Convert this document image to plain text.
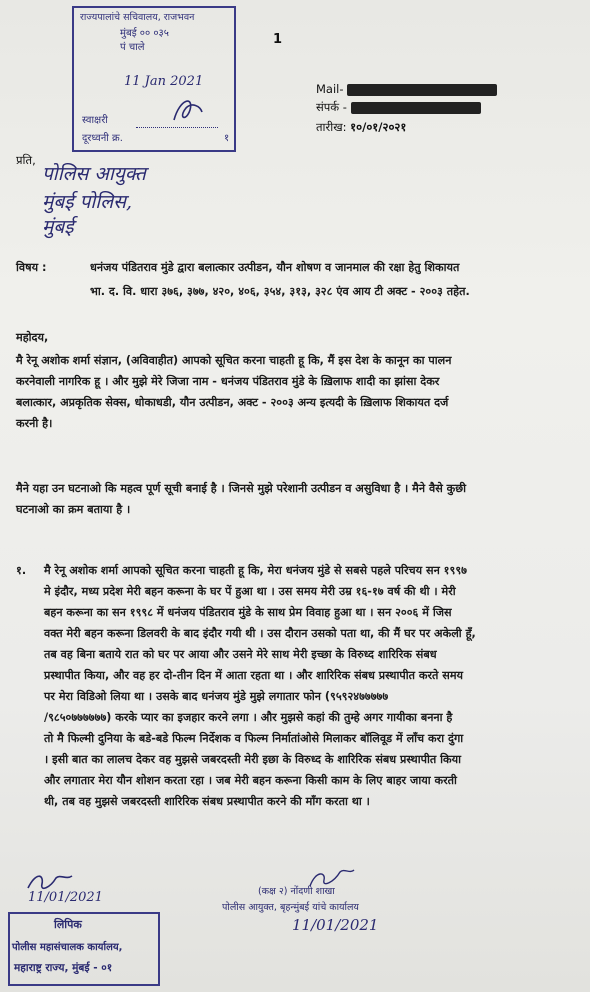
राज्यपालांचे सचिवालय, राजभवन
मुंबई ०० ०३५
पं चाले
11 Jan 2021
स्वाक्षरी
दूरध्वनी क्र.	१
1
Mail-
संपर्क -
तारीख: १०/०१/२०२१
प्रति,
पोलिस आयुक्त
मुंबई पोलिस,
मुंबई
विषय :	धनंजय पंडितराव मुंडे द्वारा बलात्कार उत्पीडन, यौन शोषण व जानमाल की रक्षा हेतु शिकायत
भा. द. वि. धारा ३७६, ३७७, ४२०, ४०६, ३५४, ३१३, ३२८ एंव आय टी अक्ट - २००३ तहेत.
महोदय,
मै रेनू अशोक शर्मा संज्ञान, (अविवाहीत) आपको सूचित करना चाहती हू कि, मैं इस देश के कानून का पालन
करनेवाली नागरिक हू । और मुझे मेरे जिजा नाम - धनंजय पंडितराव मुंडे के ख़िलाफ शादी का झांसा देकर
बलात्कार, अप्रकृतिक सेक्स, धोकाधडी, यौन उत्पीडन, अक्ट - २००३ अन्य इत्यदी के ख़िलाफ शिकायत दर्ज
करनी है।
मैने यहा उन घटनाओ कि महत्व पूर्ण सूची बनाई है । जिनसे मुझे परेशानी उत्पीडन व असुविधा है । मैने वैसे कुछी
घटनाओ का क्रम बताया है ।
१. मै रेनू अशोक शर्मा आपको सूचित करना चाहती हू कि, मेरा धनंजय मुंडे से सबसे पहले परिचय सन १९९७
मे इंदौर, मध्य प्रदेश मेरी बहन करूना के घर पें हुआ था । उस समय मेरी उम्र १६-१७ वर्ष की थी । मेरी
बहन करूना का सन १९९८ में धनंजय पंडितराव मुंडे के साथ प्रेम विवाह हुआ था । सन २००६ में जिस
वक्त मेरी बहन करूना डिलवरी के बाद इंदौर गयी थी । उस दौरान उसको पता था, की मैं घर पर अकेली हूँ,
तब वह बिना बताये रात को घर पर आया और उसने मेरे साथ मेरी इच्छा के विरुध्द शारिरिक संबध
प्रस्थापीत किया, और वह हर दो-तीन दिन में आता रहता था । और शारिरिक संबध प्रस्थापीत करते समय
पर मेरा विडिओ लिया था । उसके बाद धनंजय मुंडे मुझे लगातार फोन (९५९२४७७७७७
/९८५०७७७७७७) करके प्यार का इजहार करने लगा । और मुझसे कहां की तुम्हे अगर गायीका बनना है
तो मै फिल्मी दुनिया के बडे-बडे फिल्म निर्देशक व फिल्म निर्मातांओसे मिलाकर बॉलिवूड में लॉंच करा दुंगा
। इसी बात का लालच देकर वह मुझसे जबरदस्ती मेरी इछा के विरुध्द के शारिरिक संबध प्रस्थापीत किया
और लगातार मेरा यौन शोशन करता रहा । जब मेरी बहन करूना किसी काम के लिए बाहर जाया करती
थी, तब वह मुझसे जबरदस्ती शारिरिक संबध प्रस्थापीत करने की माँग करता था ।
11/01/2021
लिपिक
पोलीस महासंचालक कार्यालय,
महाराष्ट्र राज्य, मुंबई - ०१
(कक्ष २) नोंदणी शाखा
पोलीस आयुक्त, बृहन्मुंबई यांचे कार्यालय
11/01/2021
